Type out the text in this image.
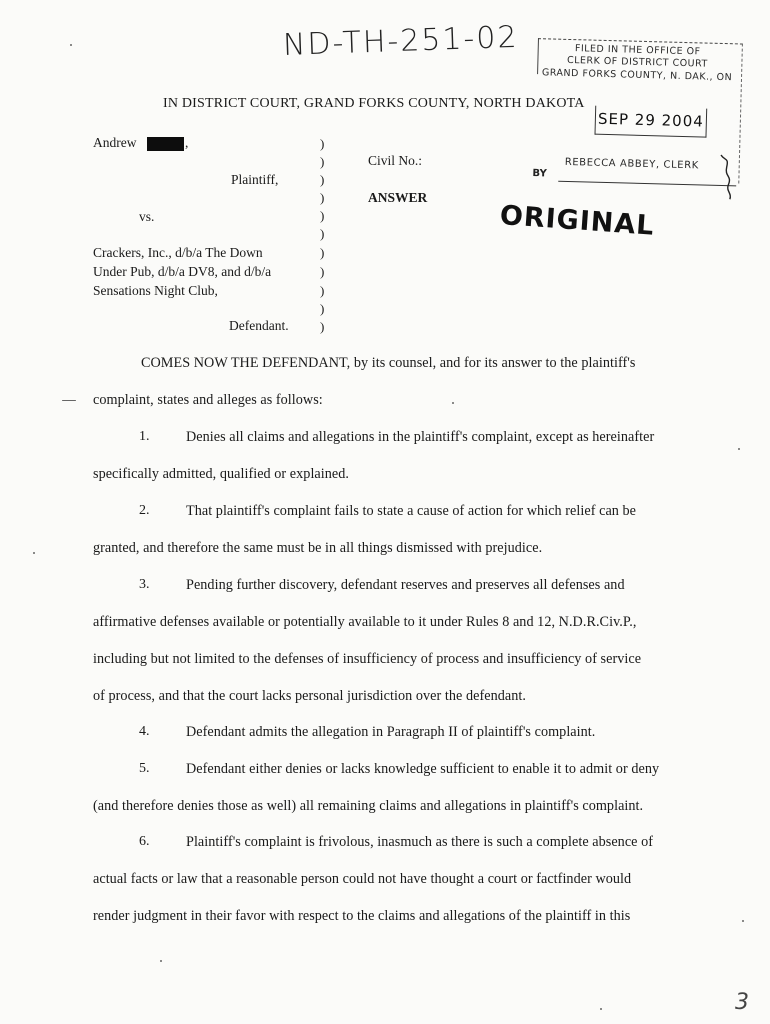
ND-TH-251-02	FILED IN THE OFFICE OF
CLERK OF DISTRICT COURT
GRAND FORKS COUNTY, N. DAK., ON
SEP 29 2004
REBECCA ABBEY, CLERK
BY
ORIGINAL
IN DISTRICT COURT, GRAND FORKS COUNTY, NORTH DAKOTA
Andrew	,
Plaintiff,
vs.
Crackers, Inc., d/b/a The Down
Under Pub, d/b/a DV8, and d/b/a
Sensations Night Club,
Defendant.
)
)
)
)
)
)
)
)
)
)
)
Civil No.:
ANSWER
COMES NOW THE DEFENDANT, by its counsel, and for its answer to the plaintiff's
complaint, states and alleges as follows:
1.	Denies all claims and allegations in the plaintiff's complaint, except as hereinafter
specifically admitted, qualified or explained.
2.	That plaintiff's complaint fails to state a cause of action for which relief can be
granted, and therefore the same must be in all things dismissed with prejudice.
3.	Pending further discovery, defendant reserves and preserves all defenses and
affirmative defenses available or potentially available to it under Rules 8 and 12, N.D.R.Civ.P.,
including but not limited to the defenses of insufficiency of process and insufficiency of service
of process, and that the court lacks personal jurisdiction over the defendant.
4.	Defendant admits the allegation in Paragraph II of plaintiff's complaint.
5.	Defendant either denies or lacks knowledge sufficient to enable it to admit or deny
(and therefore denies those as well) all remaining claims and allegations in plaintiff's complaint.
6.	Plaintiff's complaint is frivolous, inasmuch as there is such a complete absence of
actual facts or law that a reasonable person could not have thought a court or factfinder would
render judgment in their favor with respect to the claims and allegations of the plaintiff in this
3
